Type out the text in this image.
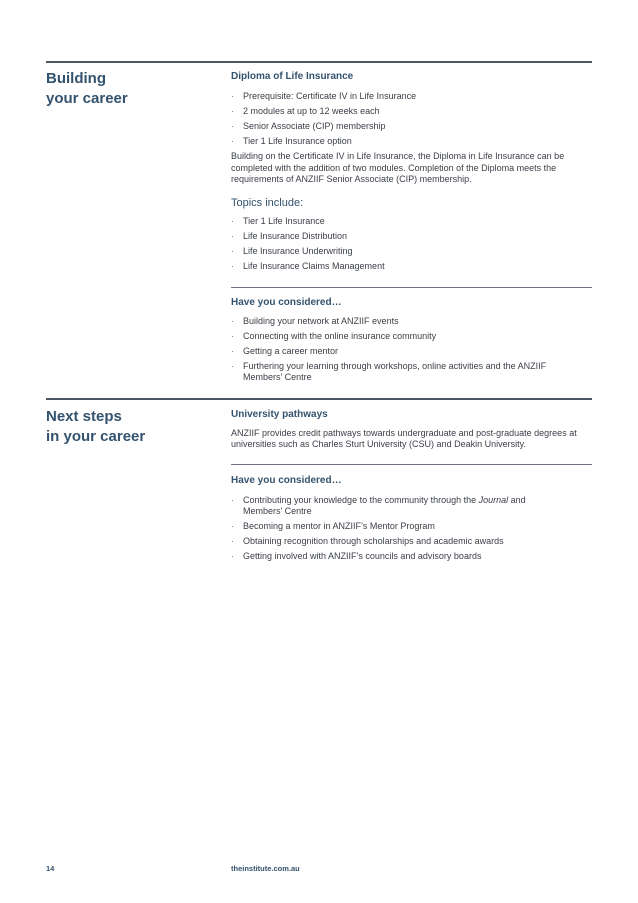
Building
your career
Diploma of Life Insurance
· Prerequisite: Certificate IV in Life Insurance
· 2 modules at up to 12 weeks each
· Senior Associate (CIP) membership
· Tier 1 Life Insurance option

Building on the Certificate IV in Life Insurance, the Diploma in Life Insurance can be completed with the addition of two modules. Completion of the Diploma meets the requirements of ANZIIF Senior Associate (CIP) membership.

Topics include:
· Tier 1 Life Insurance
· Life Insurance Distribution
· Life Insurance Underwriting
· Life Insurance Claims Management
Have you considered…
· Building your network at ANZIIF events
· Connecting with the online insurance community
· Getting a career mentor
· Furthering your learning through workshops, online activities and the ANZIIF Members’ Centre
Next steps
in your career
University pathways

ANZIIF provides credit pathways towards undergraduate and post-graduate degrees at universities such as Charles Sturt University (CSU) and Deakin University.

Have you considered…
· Contributing your knowledge to the community through the Journal and Members’ Centre
· Becoming a mentor in ANZIIF’s Mentor Program
· Obtaining recognition through scholarships and academic awards
· Getting involved with ANZIIF’s councils and advisory boards
14	theinstitute.com.au
